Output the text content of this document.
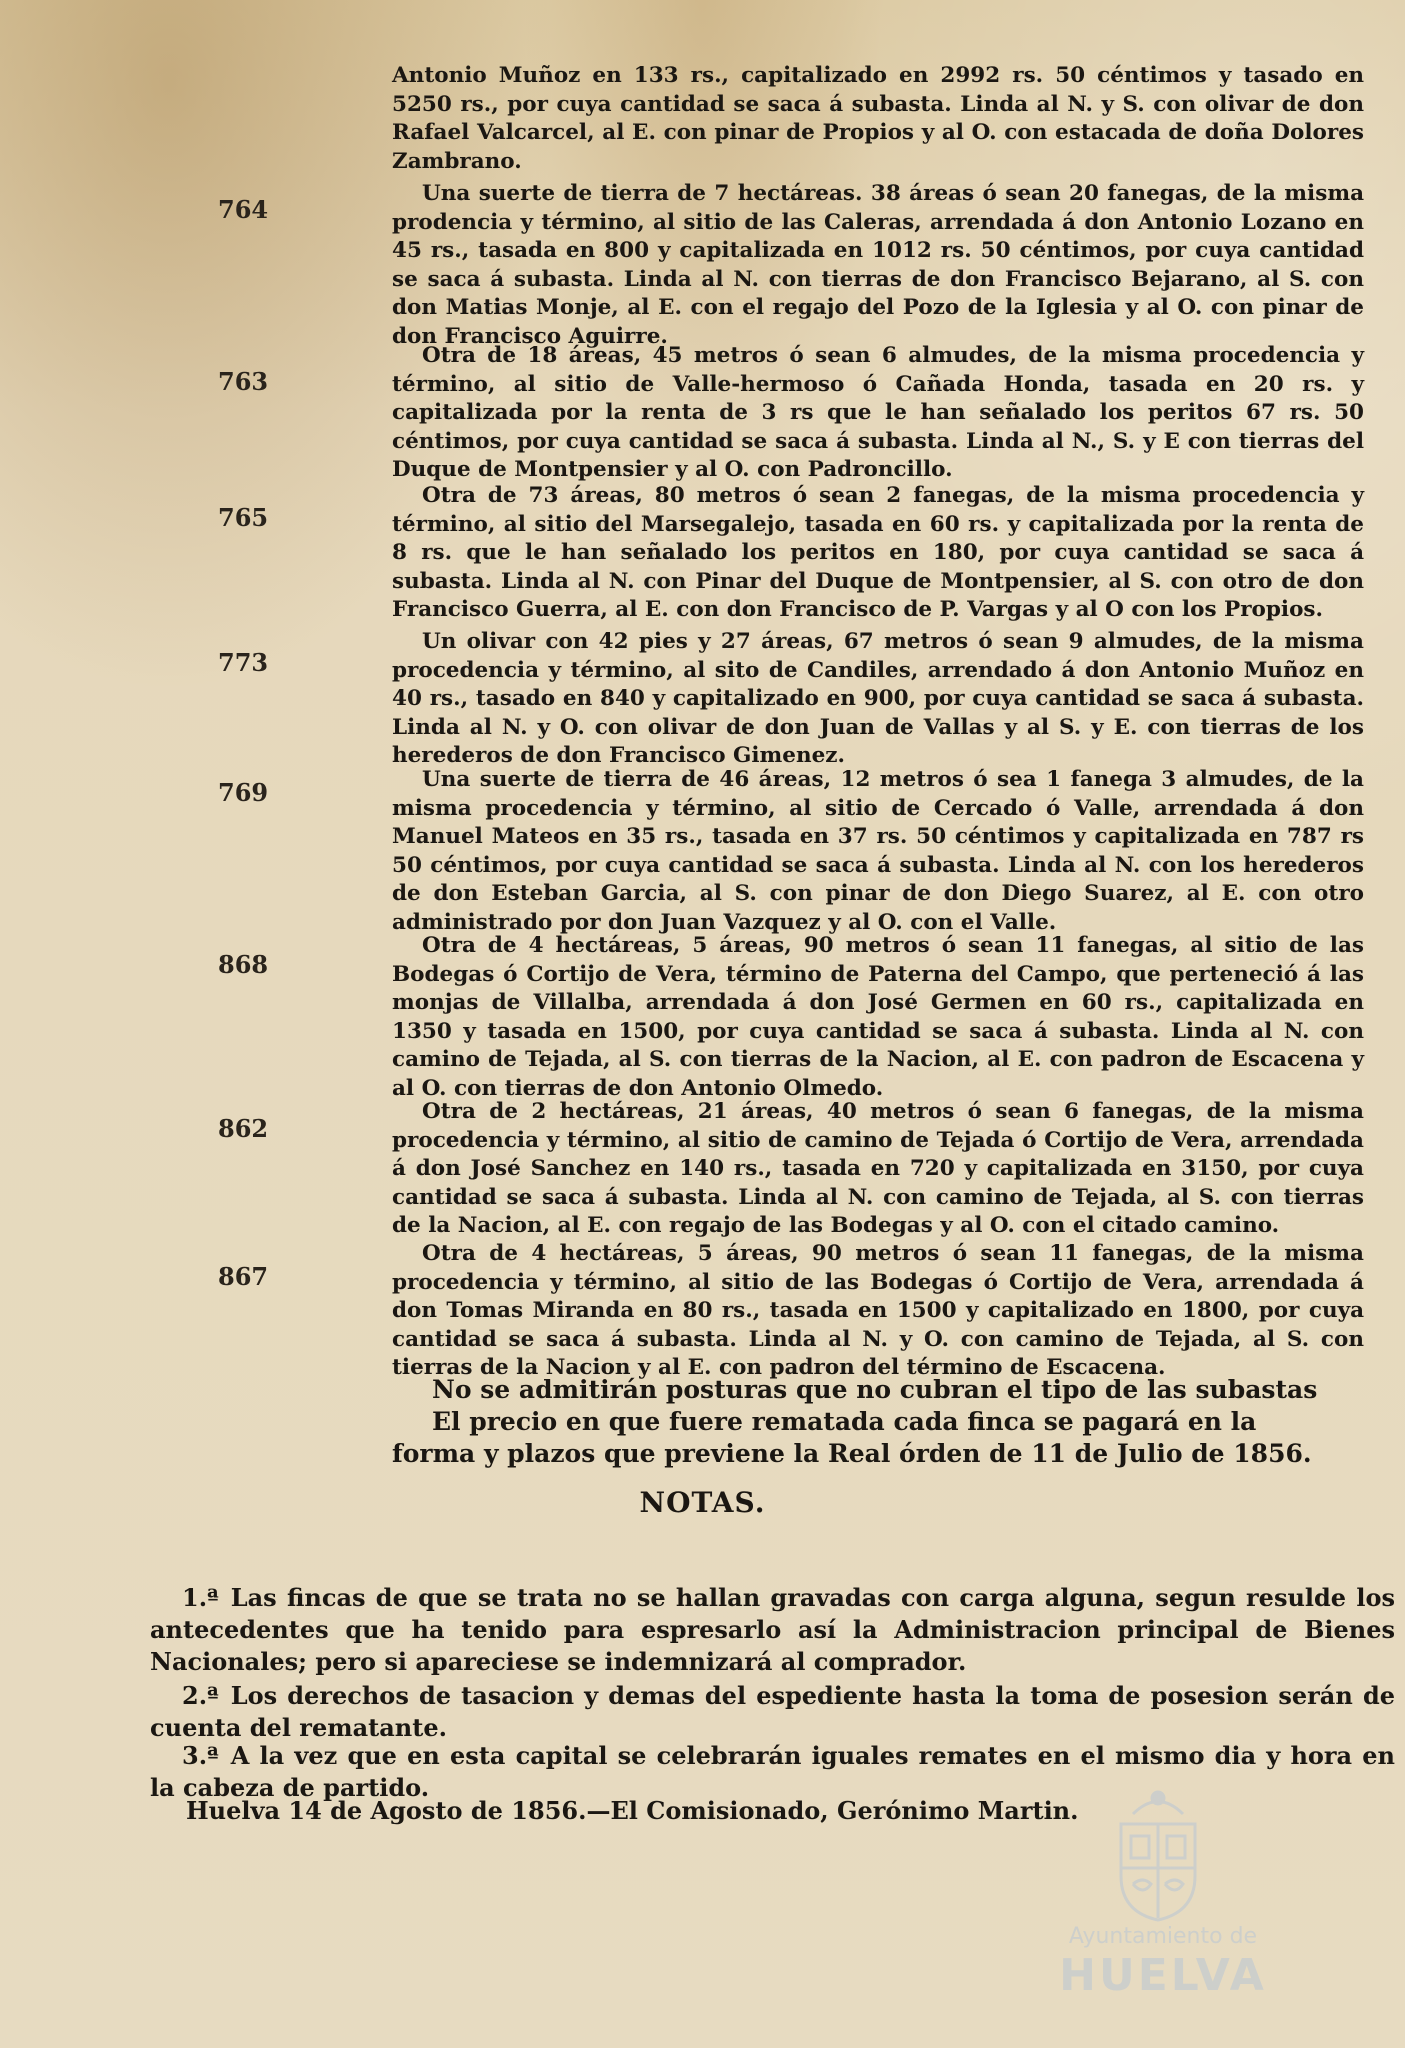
Antonio Muñoz en 133 rs., capitalizado en 2992 rs. 50 céntimos y tasado en 5250 rs., por cuya cantidad se saca á subasta. Linda al N. y S. con olivar de don Rafael Valcarcel, al E. con pinar de Propios y al O. con estacada de doña Dolores Zambrano.
764
Una suerte de tierra de 7 hectáreas. 38 áreas ó sean 20 fanegas, de la misma prodencia y término, al sitio de las Caleras, arrendada á don Antonio Lozano en 45 rs., tasada en 800 y capitalizada en 1012 rs. 50 céntimos, por cuya cantidad se saca á subasta. Linda al N. con tierras de don Francisco Bejarano, al S. con don Matias Monje, al E. con el regajo del Pozo de la Iglesia y al O. con pinar de don Francisco Aguirre.
763
Otra de 18 áreas, 45 metros ó sean 6 almudes, de la misma procedencia y término, al sitio de Valle-hermoso ó Cañada Honda, tasada en 20 rs. y capitalizada por la renta de 3 rs que le han señalado los peritos 67 rs. 50 céntimos, por cuya cantidad se saca á subasta. Linda al N., S. y E con tierras del Duque de Montpensier y al O. con Padroncillo.
765
Otra de 73 áreas, 80 metros ó sean 2 fanegas, de la misma procedencia y término, al sitio del Marsegalejo, tasada en 60 rs. y capitalizada por la renta de 8 rs. que le han señalado los peritos en 180, por cuya cantidad se saca á subasta. Linda al N. con Pinar del Duque de Montpensier, al S. con otro de don Francisco Guerra, al E. con don Francisco de P. Vargas y al O con los Propios.
773
Un olivar con 42 pies y 27 áreas, 67 metros ó sean 9 almudes, de la misma procedencia y término, al sito de Candiles, arrendado á don Antonio Muñoz en 40 rs., tasado en 840 y capitalizado en 900, por cuya cantidad se saca á subasta. Linda al N. y O. con olivar de don Juan de Vallas y al S. y E. con tierras de los herederos de don Francisco Gimenez.
769	Una suerte de tierra de 46 áreas, 12 metros ó sea 1 fanega 3 almudes, de la misma procedencia y término, al sitio de Cercado ó Valle, arrendada á don Manuel Mateos en 35 rs., tasada en 37 rs. 50 céntimos y capitalizada en 787 rs 50 céntimos, por cuya cantidad se saca á subasta. Linda al N. con los herederos de don Esteban Garcia, al S. con pinar de don Diego Suarez, al E. con otro administrado por don Juan Vazquez y al O. con el Valle.
868
Otra de 4 hectáreas, 5 áreas, 90 metros ó sean 11 fanegas, al sitio de las Bodegas ó Cortijo de Vera, término de Paterna del Campo, que perteneció á las monjas de Villalba, arrendada á don José Germen en 60 rs., capitalizada en 1350 y tasada en 1500, por cuya cantidad se saca á subasta. Linda al N. con camino de Tejada, al S. con tierras de la Nacion, al E. con padron de Escacena y al O. con tierras de don Antonio Olmedo.
862
Otra de 2 hectáreas, 21 áreas, 40 metros ó sean 6 fanegas, de la misma procedencia y término, al sitio de camino de Tejada ó Cortijo de Vera, arrendada á don José Sanchez en 140 rs., tasada en 720 y capitalizada en 3150, por cuya cantidad se saca á subasta. Linda al N. con camino de Tejada, al S. con tierras de la Nacion, al E. con regajo de las Bodegas y al O. con el citado camino.
867
Otra de 4 hectáreas, 5 áreas, 90 metros ó sean 11 fanegas, de la misma procedencia y término, al sitio de las Bodegas ó Cortijo de Vera, arrendada á don Tomas Miranda en 80 rs., tasada en 1500 y capitalizado en 1800, por cuya cantidad se saca á subasta. Linda al N. y O. con camino de Tejada, al S. con tierras de la Nacion y al E. con padron del término de Escacena.
No se admitirán posturas que no cubran el tipo de las subastas
El precio en que fuere rematada cada finca se pagará en la forma y plazos que previene la Real órden de 11 de Julio de 1856.
NOTAS.
1.ª Las fincas de que se trata no se hallan gravadas con carga alguna, segun resulde los antecedentes que ha tenido para espresarlo así la Administracion principal de Bienes Nacionales; pero si apareciese se indemnizará al comprador.
2.ª Los derechos de tasacion y demas del espediente hasta la toma de posesion serán de cuenta del rematante.
3.ª A la vez que en esta capital se celebrarán iguales remates en el mismo dia y hora en la cabeza de partido.
Huelva 14 de Agosto de 1856.—El Comisionado, Gerónimo Martin.
Ayuntamiento de
HUELVA
